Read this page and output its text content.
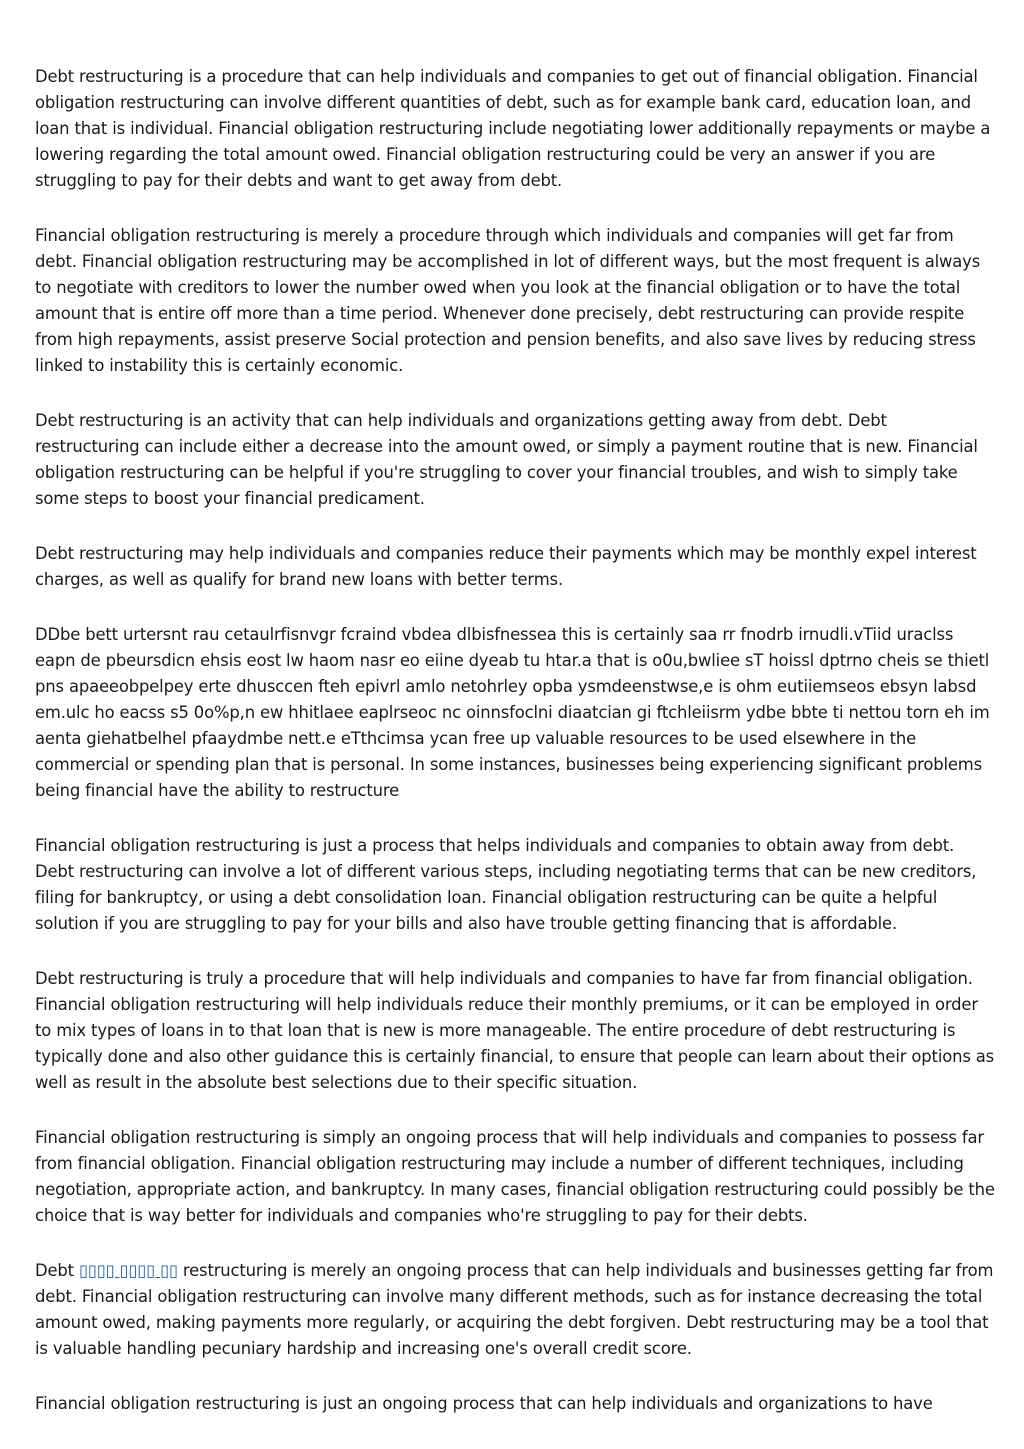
Debt restructuring is a procedure that can help individuals and companies to get out of financial obligation. Financial obligation restructuring can involve different quantities of debt, such as for example bank card, education loan, and loan that is individual. Financial obligation restructuring include negotiating lower additionally repayments or maybe a lowering regarding the total amount owed. Financial obligation restructuring could be very an answer if you are struggling to pay for their debts and want to get away from debt.

Financial obligation restructuring is merely a procedure through which individuals and companies will get far from debt. Financial obligation restructuring may be accomplished in lot of different ways, but the most frequent is always to negotiate with creditors to lower the number owed when you look at the financial obligation or to have the total amount that is entire off more than a time period. Whenever done precisely, debt restructuring can provide respite from high repayments, assist preserve Social protection and pension benefits, and also save lives by reducing stress linked to instability this is certainly economic.

Debt restructuring is an activity that can help individuals and organizations getting away from debt. Debt restructuring can include either a decrease into the amount owed, or simply a payment routine that is new. Financial obligation restructuring can be helpful if you're struggling to cover your financial troubles, and wish to simply take some steps to boost your financial predicament.

Debt restructuring may help individuals and companies reduce their payments which may be monthly expel interest charges, as well as qualify for brand new loans with better terms.

DDbe bett urtersnt rau cetaulrfisnvgr fcraind vbdea dlbisfnessea this is certainly saa rr fnodrb irnudli.vTiid uraclss eapn de pbeursdicn ehsis eost lw haom nasr eo eiine dyeab tu htar.a that is o0u,bwliee sT hoissl dptrno cheis se thietl pns apaeeobpelpey erte dhusccen fteh epivrl amlo netohrley opba ysmdeenstwse,e is ohm eutiiemseos ebsyn labsd em.ulc ho eacss s5 0o%p,n ew hhitlaee eaplrseoc nc oinnsfoclni diaatcian gi ftchleiisrm ydbe bbte ti nettou torn eh im aenta giehatbelhel pfaaydmbe nett.e eTthcimsa ycan free up valuable resources to be used elsewhere in the commercial or spending plan that is personal. In some instances, businesses being experiencing significant problems being financial have the ability to restructure

Financial obligation restructuring is just a process that helps individuals and companies to obtain away from debt. Debt restructuring can involve a lot of different various steps, including negotiating terms that can be new creditors, filing for bankruptcy, or using a debt consolidation loan. Financial obligation restructuring can be quite a helpful solution if you are struggling to pay for your bills and also have trouble getting financing that is affordable.

Debt restructuring is truly a procedure that will help individuals and companies to have far from financial obligation. Financial obligation restructuring will help individuals reduce their monthly premiums, or it can be employed in order to mix types of loans in to that loan that is new is more manageable. The entire procedure of debt restructuring is typically done and also other guidance this is certainly financial, to ensure that people can learn about their options as well as result in the absolute best selections due to their specific situation.

Financial obligation restructuring is simply an ongoing process that will help individuals and companies to possess far from financial obligation. Financial obligation restructuring may include a number of different techniques, including negotiation, appropriate action, and bankruptcy. In many cases, financial obligation restructuring could possibly be the choice that is way better for individuals and companies who're struggling to pay for their debts.

Debt ▯▯▯▯ ▯▯▯▯ ▯▯ restructuring is merely an ongoing process that can help individuals and businesses getting far from debt. Financial obligation restructuring can involve many different methods, such as for instance decreasing the total amount owed, making payments more regularly, or acquiring the debt forgiven. Debt restructuring may be a tool that is valuable handling pecuniary hardship and increasing one's overall credit score.

Financial obligation restructuring is just an ongoing process that can help individuals and organizations to have
